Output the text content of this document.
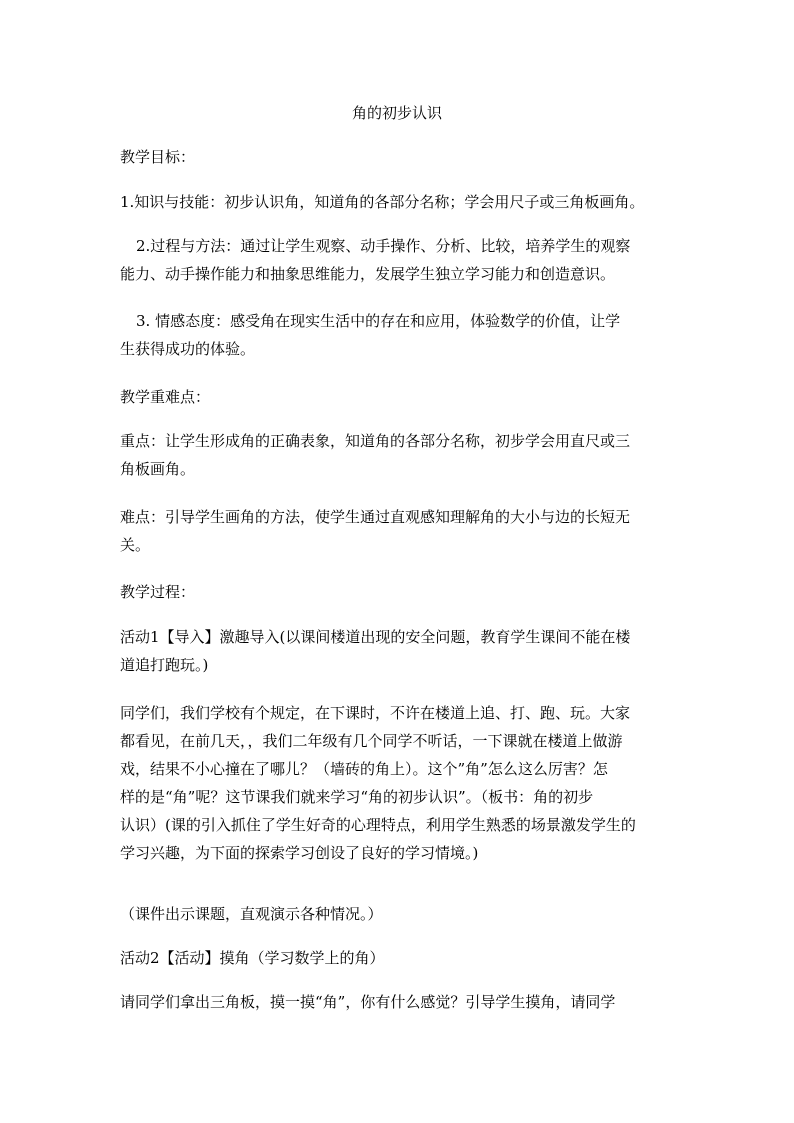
角的初步认识
教学目标：
1.知识与技能：初步认识角，知道角的各部分名称；学会用尺子或三角板画角。
2.过程与方法：通过让学生观察、动手操作、分析、比较，培养学生的观察
能力、动手操作能力和抽象思维能力，发展学生独立学习能力和创造意识。
3. 情感态度：感受角在现实生活中的存在和应用，体验数学的价值，让学
生获得成功的体验。
教学重难点：
重点：让学生形成角的正确表象，知道角的各部分名称，初步学会用直尺或三
角板画角。
难点：引导学生画角的方法，使学生通过直观感知理解角的大小与边的长短无
关。
教学过程：
活动1【导入】激趣导入(以课间楼道出现的安全问题，教育学生课间不能在楼
道追打跑玩。)
同学们，我们学校有个规定，在下课时，不许在楼道上追、打、跑、玩。大家
都看见，在前几天，，我们二年级有几个同学不听话，一下课就在楼道上做游
戏，结果不小心撞在了哪儿？（墙砖的角上）。这个”角”怎么这么厉害？怎
样的是“角”呢？这节课我们就来学习“角的初步认识”。（板书：角的初步
认识）(课的引入抓住了学生好奇的心理特点，利用学生熟悉的场景激发学生的
学习兴趣，为下面的探索学习创设了良好的学习情境。)
（课件出示课题，直观演示各种情况。）
活动2【活动】摸角（学习数学上的角）
请同学们拿出三角板，摸一摸“角”，你有什么感觉？引导学生摸角，请同学
